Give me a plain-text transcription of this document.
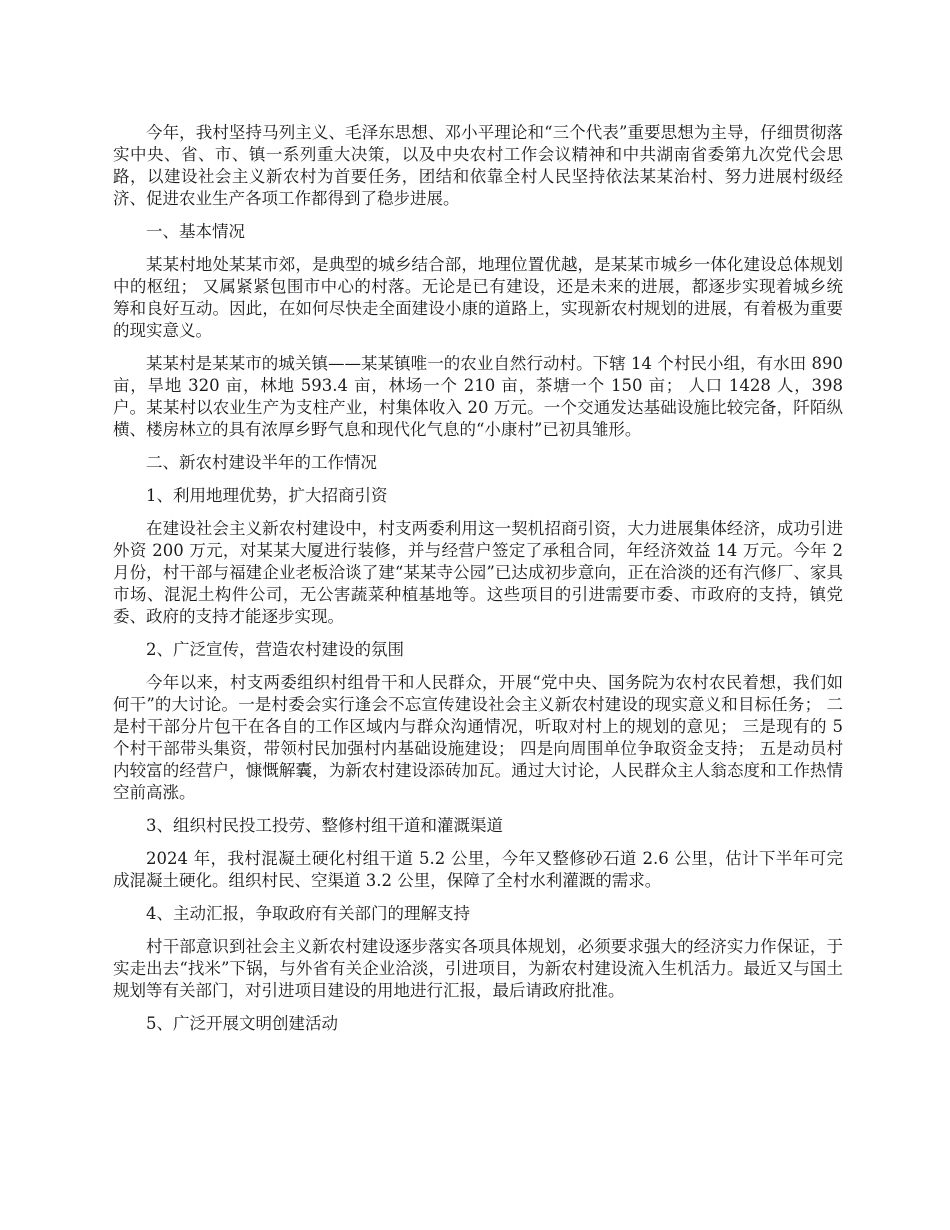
今年，我村坚持马列主义、毛泽东思想、邓小平理论和“三个代表”重要思想为主导，仔细贯彻落实中央、省、市、镇一系列重大决策，以及中央农村工作会议精神和中共湖南省委第九次党代会思路，以建设社会主义新农村为首要任务，团结和依靠全村人民坚持依法某某治村、努力进展村级经济、促进农业生产各项工作都得到了稳步进展。

一、基本情况

某某村地处某某市郊，是典型的城乡结合部，地理位置优越，是某某市城乡一体化建设总体规划中的枢纽； 又属紧紧包围市中心的村落。无论是已有建设，还是未来的进展，都逐步实现着城乡统筹和良好互动。因此，在如何尽快走全面建设小康的道路上，实现新农村规划的进展，有着极为重要的现实意义。

某某村是某某市的城关镇——某某镇唯一的农业自然行动村。下辖 14 个村民小组，有水田 890 亩，旱地 320 亩，林地 593.4 亩，林场一个 210 亩，茶塘一个 150 亩； 人口 1428 人，398 户。某某村以农业生产为支柱产业，村集体收入 20 万元。一个交通发达基础设施比较完备，阡陌纵横、楼房林立的具有浓厚乡野气息和现代化气息的“小康村”已初具雏形。

二、新农村建设半年的工作情况

1、利用地理优势，扩大招商引资

在建设社会主义新农村建设中，村支两委利用这一契机招商引资，大力进展集体经济，成功引进外资 200 万元，对某某大厦进行装修，并与经营户签定了承租合同，年经济效益 14 万元。今年 2 月份，村干部与福建企业老板洽谈了建“某某寺公园”已达成初步意向，正在洽淡的还有汽修厂、家具市场、混泥土构件公司，无公害蔬菜种植基地等。这些项目的引进需要市委、市政府的支持，镇党委、政府的支持才能逐步实现。

2、广泛宣传，营造农村建设的氛围

今年以来，村支两委组织村组骨干和人民群众，开展“党中央、国务院为农村农民着想，我们如何干”的大讨论。一是村委会实行逢会不忘宣传建设社会主义新农村建设的现实意义和目标任务； 二是村干部分片包干在各自的工作区域内与群众沟通情况，听取对村上的规划的意见； 三是现有的 5 个村干部带头集资，带领村民加强村内基础设施建设； 四是向周围单位争取资金支持； 五是动员村内较富的经营户，慷慨解囊，为新农村建设添砖加瓦。通过大讨论，人民群众主人翁态度和工作热情空前高涨。

3、组织村民投工投劳、整修村组干道和灌溉渠道

2024 年，我村混凝土硬化村组干道 5.2 公里，今年又整修砂石道 2.6 公里，估计下半年可完成混凝土硬化。组织村民、空渠道 3.2 公里，保障了全村水利灌溉的需求。

4、主动汇报，争取政府有关部门的理解支持

村干部意识到社会主义新农村建设逐步落实各项具体规划，必须要求强大的经济实力作保证，于实走出去“找米”下锅，与外省有关企业洽淡，引进项目，为新农村建设流入生机活力。最近又与国土规划等有关部门，对引进项目建设的用地进行汇报，最后请政府批准。

5、广泛开展文明创建活动
